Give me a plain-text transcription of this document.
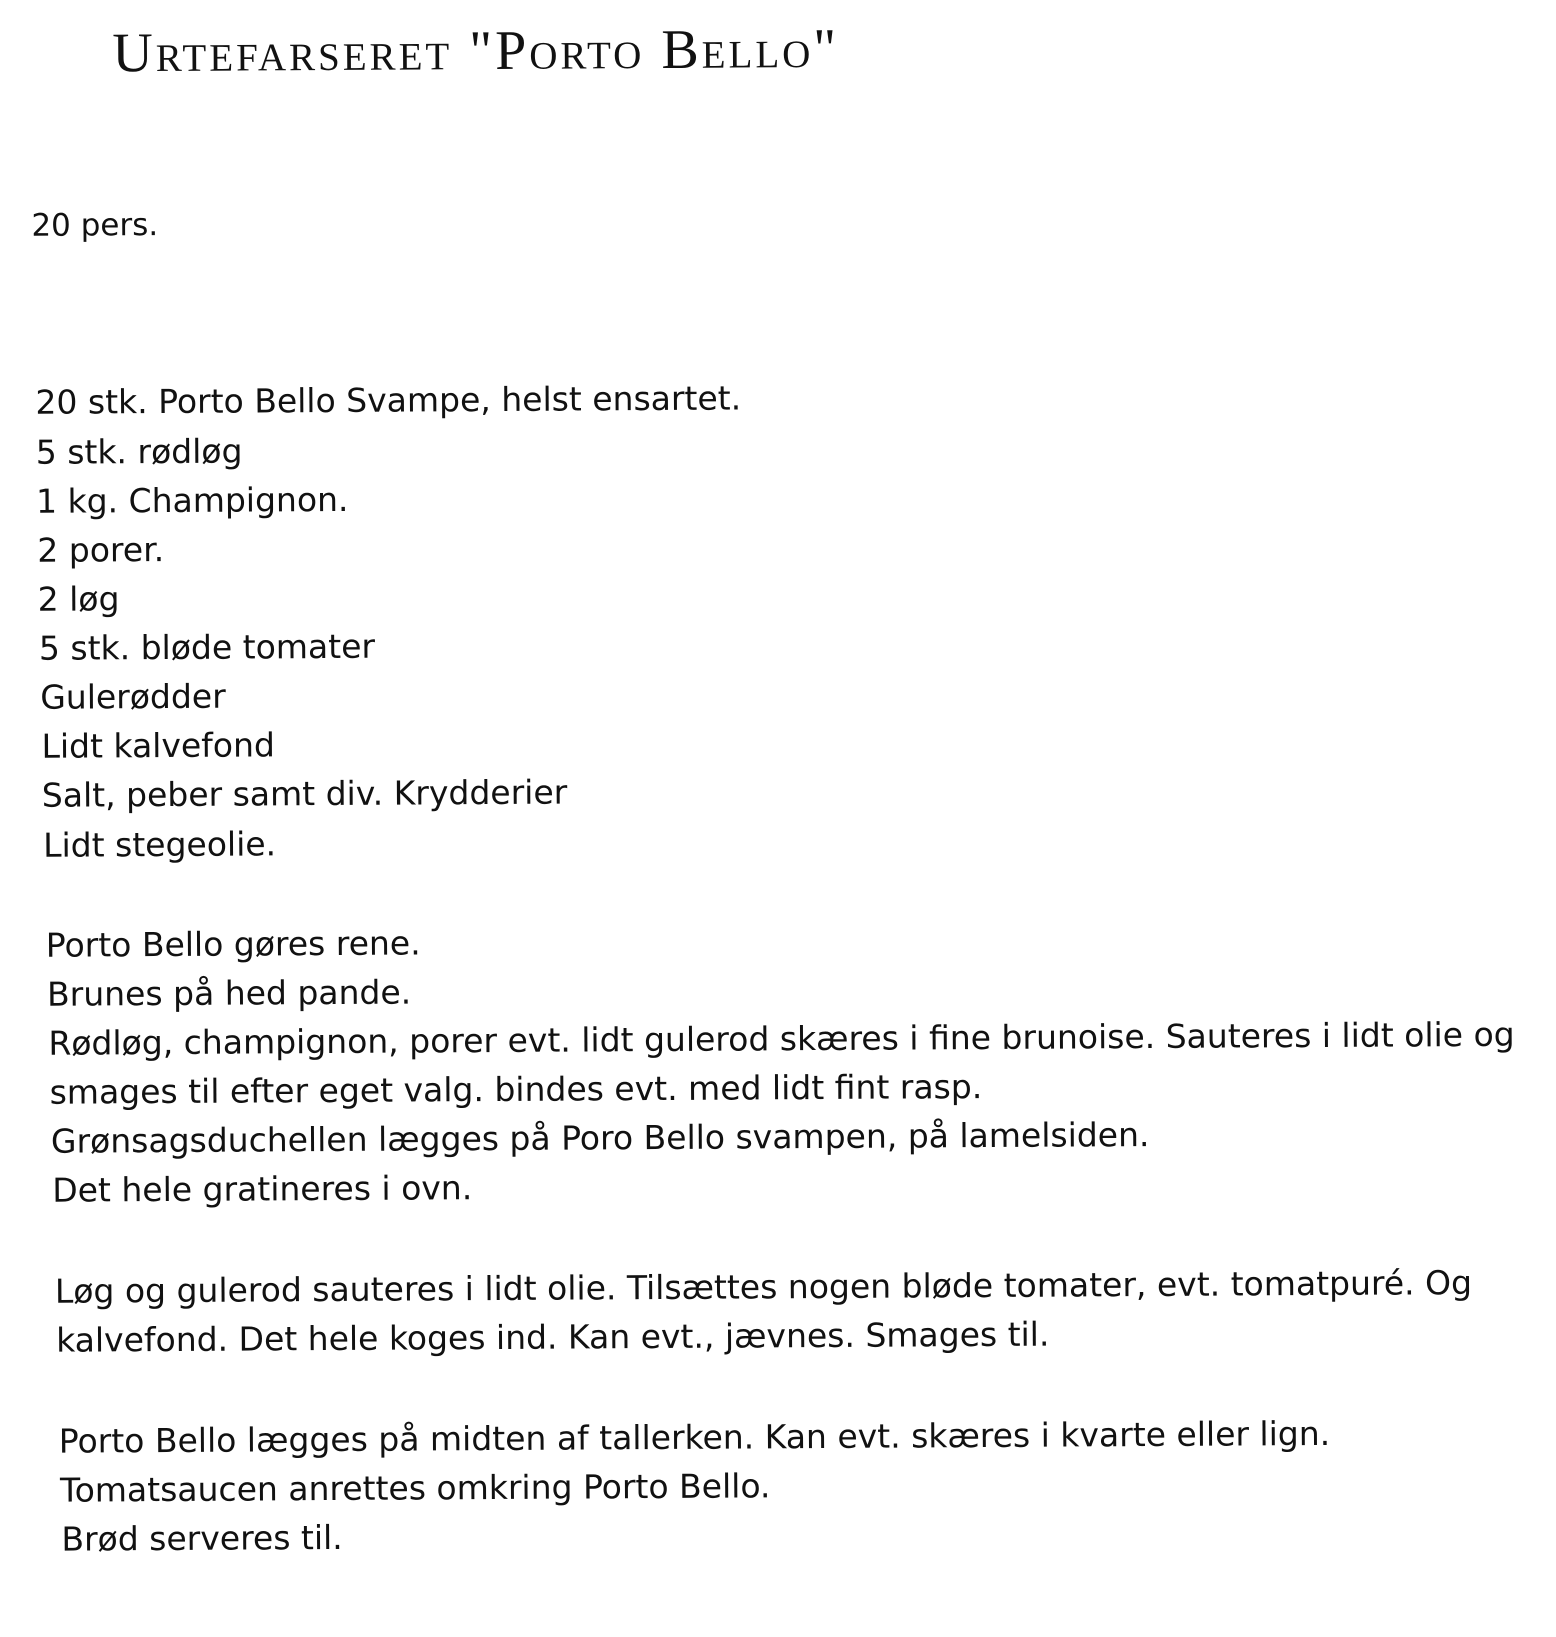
Urtefarseret "Porto Bello"
20 pers.
20 stk. Porto Bello Svampe, helst ensartet.
5 stk. rødløg
1 kg. Champignon.
2 porer.
2 løg
5 stk. bløde tomater
Gulerødder
Lidt kalvefond
Salt, peber samt div. Krydderier
Lidt stegeolie.
Porto Bello gøres rene.
Brunes på hed pande.
Rødløg, champignon, porer evt. lidt gulerod skæres i fine brunoise. Sauteres i lidt olie og
smages til efter eget valg. bindes evt. med lidt fint rasp.
Grønsagsduchellen lægges på Poro Bello svampen, på lamelsiden.
Det hele gratineres i ovn.
Løg og gulerod sauteres i lidt olie. Tilsættes nogen bløde tomater, evt. tomatpuré. Og
kalvefond. Det hele koges ind. Kan evt., jævnes. Smages til.
Porto Bello lægges på midten af tallerken. Kan evt. skæres i kvarte eller lign.
Tomatsaucen anrettes omkring Porto Bello.
Brød serveres til.
